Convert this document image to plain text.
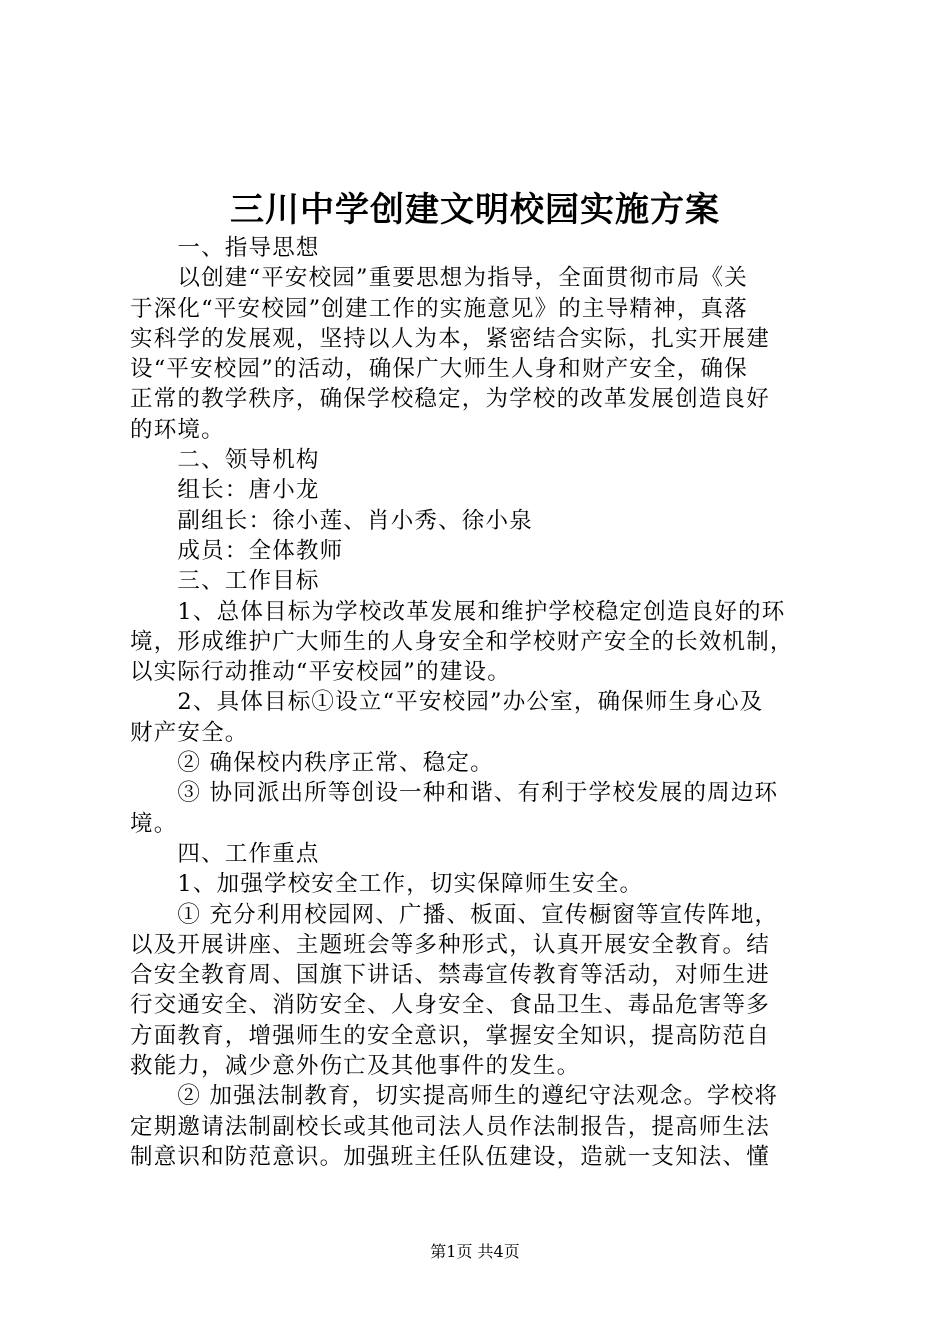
三川中学创建文明校园实施方案
　　一、指导思想
　　以创建“平安校园”重要思想为指导，全面贯彻市局《关
于深化“平安校园”创建工作的实施意见》的主导精神，真落
实科学的发展观，坚持以人为本，紧密结合实际，扎实开展建
设“平安校园”的活动，确保广大师生人身和财产安全，确保
正常的教学秩序，确保学校稳定，为学校的改革发展创造良好
的环境。
　　二、领导机构
　　组长：唐小龙
　　副组长：徐小莲、肖小秀、徐小泉
　　成员：全体教师
　　三、工作目标
　　1、总体目标为学校改革发展和维护学校稳定创造良好的环
境，形成维护广大师生的人身安全和学校财产安全的长效机制，
以实际行动推动“平安校园”的建设。
　　2、具体目标①设立“平安校园”办公室，确保师生身心及
财产安全。
　　② 确保校内秩序正常、稳定。
　　③ 协同派出所等创设一种和谐、有利于学校发展的周边环
境。
　　四、工作重点
　　1、加强学校安全工作，切实保障师生安全。
　　① 充分利用校园网、广播、板面、宣传橱窗等宣传阵地，
以及开展讲座、主题班会等多种形式，认真开展安全教育。结
合安全教育周、国旗下讲话、禁毒宣传教育等活动，对师生进
行交通安全、消防安全、人身安全、食品卫生、毒品危害等多
方面教育，增强师生的安全意识，掌握安全知识，提高防范自
救能力，减少意外伤亡及其他事件的发生。
　　② 加强法制教育，切实提高师生的遵纪守法观念。学校将
定期邀请法制副校长或其他司法人员作法制报告，提高师生法
制意识和防范意识。加强班主任队伍建设，造就一支知法、懂
第1页 共4页
